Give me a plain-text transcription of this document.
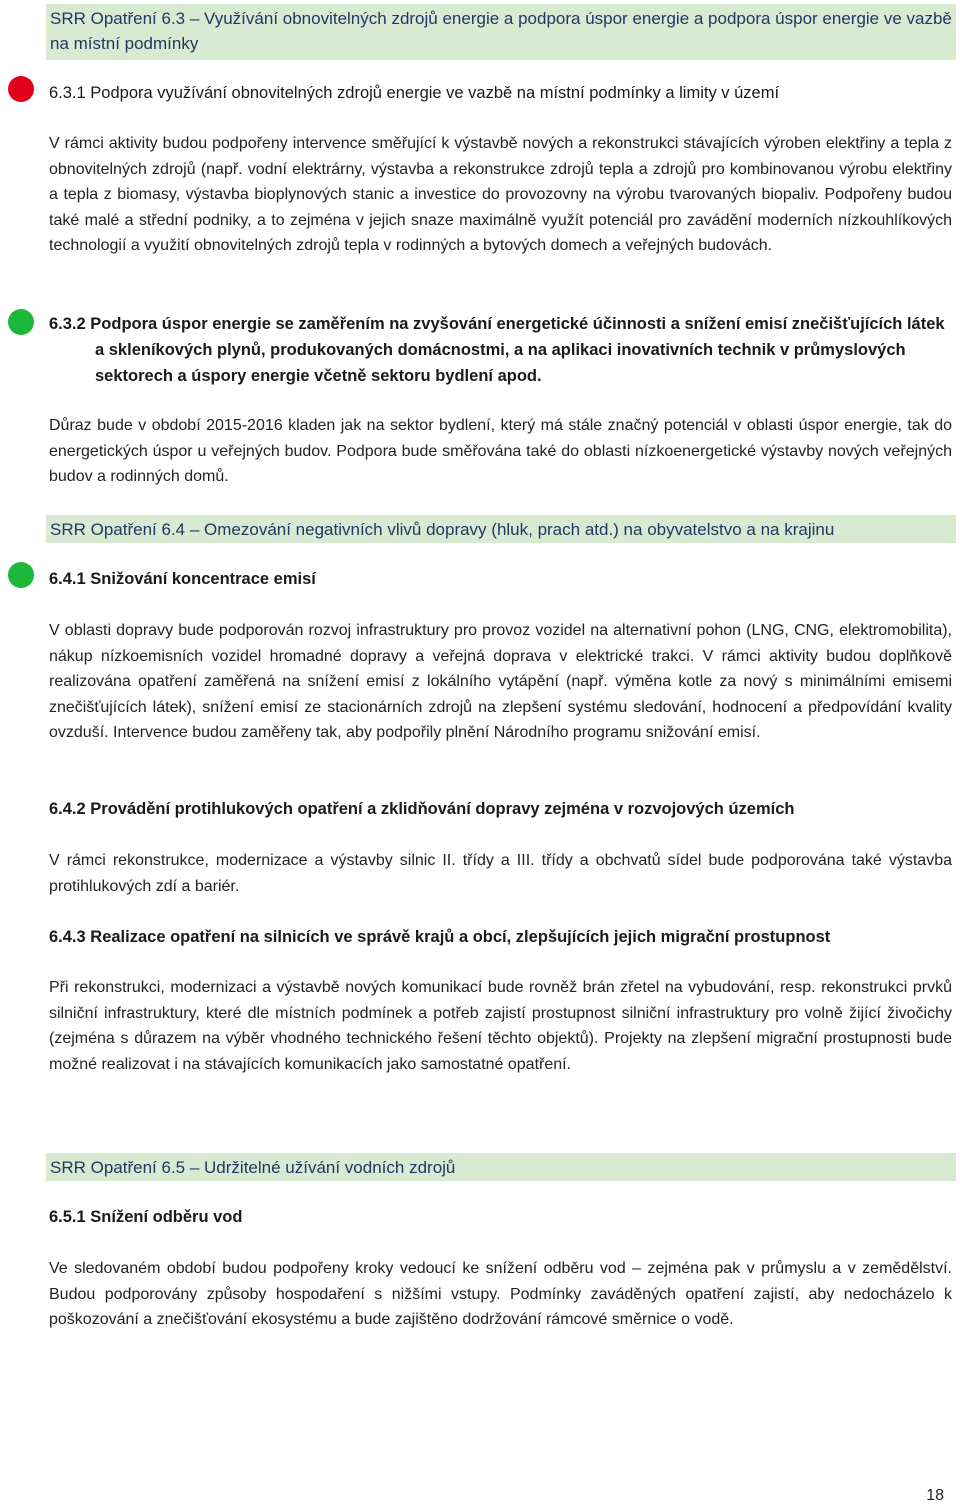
SRR Opatření 6.3 – Využívání obnovitelných zdrojů energie a podpora úspor energie a podpora úspor energie ve vazbě na místní podmínky
6.3.1 Podpora využívání obnovitelných zdrojů energie ve vazbě na místní podmínky a limity v území
V rámci aktivity budou podpořeny intervence směřující k výstavbě nových a rekonstrukci stávajících výroben elektřiny a tepla z obnovitelných zdrojů (např. vodní elektrárny, výstavba a rekonstrukce zdrojů tepla a zdrojů pro kombinovanou výrobu elektřiny a tepla z biomasy, výstavba bioplynových stanic a investice do provozovny na výrobu tvarovaných biopaliv. Podpořeny budou také malé a střední podniky, a to zejména v jejich snaze maximálně využít potenciál pro zavádění moderních nízkouhlíkových technologií a využití obnovitelných zdrojů tepla v rodinných a bytových domech a veřejných budovách.
6.3.2 Podpora úspor energie se zaměřením na zvyšování energetické účinnosti a snížení emisí znečišťujících látek a skleníkových plynů, produkovaných domácnostmi, a na aplikaci inovativních technik v průmyslových sektorech a úspory energie včetně sektoru bydlení apod.
Důraz bude v období 2015-2016 kladen jak na sektor bydlení, který má stále značný potenciál v oblasti úspor energie, tak do energetických úspor u veřejných budov. Podpora bude směřována také do oblasti nízkoenergetické výstavby nových veřejných budov a rodinných domů.
SRR Opatření 6.4 – Omezování negativních vlivů dopravy (hluk, prach atd.) na obyvatelstvo a na krajinu
6.4.1 Snižování koncentrace emisí
V oblasti dopravy bude podporován rozvoj infrastruktury pro provoz vozidel na alternativní pohon (LNG, CNG, elektromobilita), nákup nízkoemisních vozidel hromadné dopravy a veřejná doprava v elektrické trakci. V rámci aktivity budou doplňkově realizována opatření zaměřená na snížení emisí z lokálního vytápění (např. výměna kotle za nový s minimálními emisemi znečišťujících látek), snížení emisí ze stacionárních zdrojů na zlepšení systému sledování, hodnocení a předpovídání kvality ovzduší. Intervence budou zaměřeny tak, aby podpořily plnění Národního programu snižování emisí.
6.4.2 Provádění protihlukových opatření a zklidňování dopravy zejména v rozvojových územích
V rámci rekonstrukce, modernizace a výstavby silnic II. třídy a III. třídy a obchvatů sídel bude podporována také výstavba protihlukových zdí a bariér.
6.4.3 Realizace opatření na silnicích ve správě krajů a obcí, zlepšujících jejich migrační prostupnost
Při rekonstrukci, modernizaci a výstavbě nových komunikací bude rovněž brán zřetel na vybudování, resp. rekonstrukci prvků silniční infrastruktury, které dle místních podmínek a potřeb zajistí prostupnost silniční infrastruktury pro volně žijící živočichy (zejména s důrazem na výběr vhodného technického řešení těchto objektů). Projekty na zlepšení migrační prostupnosti bude možné realizovat i na stávajících komunikacích jako samostatné opatření.
SRR Opatření 6.5 – Udržitelné užívání vodních zdrojů
6.5.1 Snížení odběru vod
Ve sledovaném období budou podpořeny kroky vedoucí ke snížení odběru vod – zejména pak v průmyslu a v zemědělství. Budou podporovány způsoby hospodaření s nižšími vstupy. Podmínky zaváděných opatření zajistí, aby nedocházelo k poškozování a znečišťování ekosystému a bude zajištěno dodržování rámcové směrnice o vodě.
18
